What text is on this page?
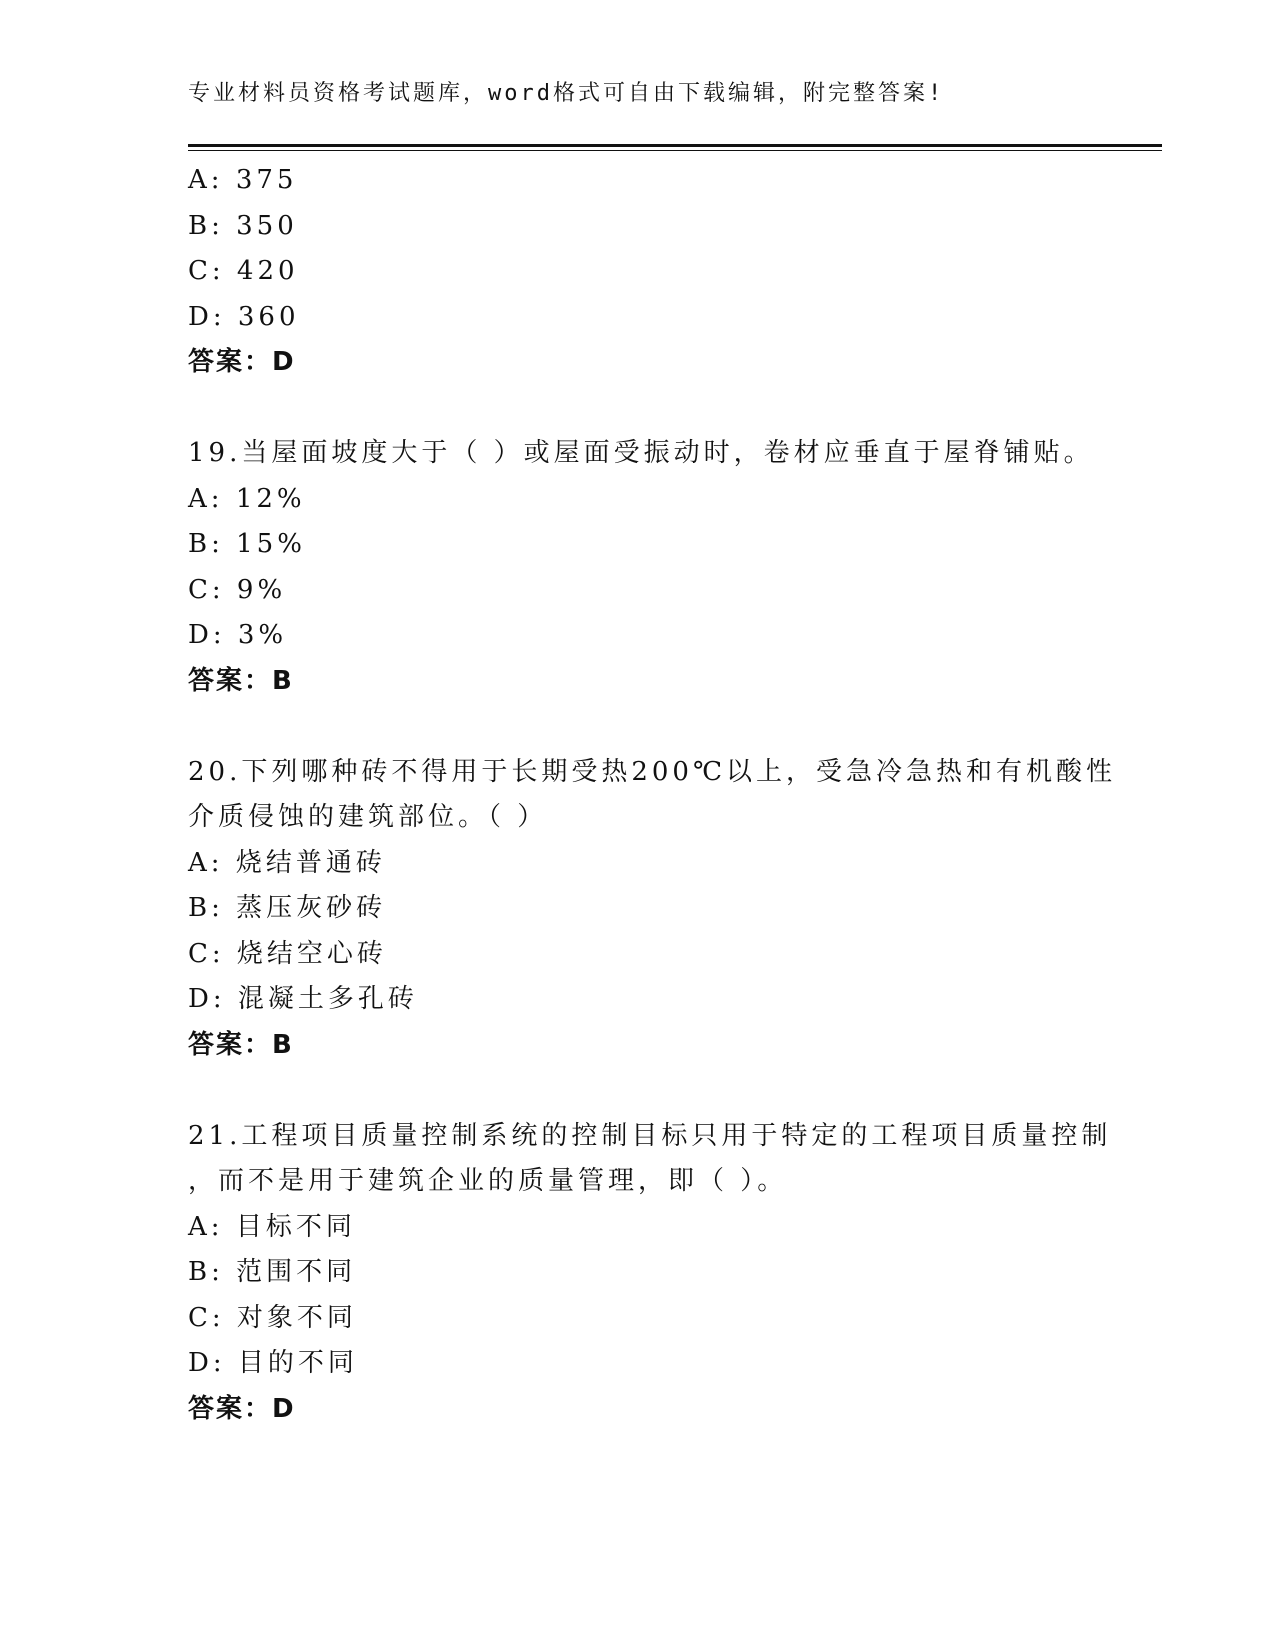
专业材料员资格考试题库，word格式可自由下载编辑，附完整答案!
A: 375
B: 350
C: 420
D: 360
答案：D
19.当屋面坡度大于（ ）或屋面受振动时，卷材应垂直于屋脊铺贴。
A: 12%
B: 15%
C: 9%
D: 3%
答案：B
20.下列哪种砖不得用于长期受热200℃以上，受急冷急热和有机酸性
介质侵蚀的建筑部位。（ ）
A: 烧结普通砖
B: 蒸压灰砂砖
C: 烧结空心砖
D: 混凝土多孔砖
答案：B
21.工程项目质量控制系统的控制目标只用于特定的工程项目质量控制
，而不是用于建筑企业的质量管理，即（ ）。
A: 目标不同
B: 范围不同
C: 对象不同
D: 目的不同
答案：D
